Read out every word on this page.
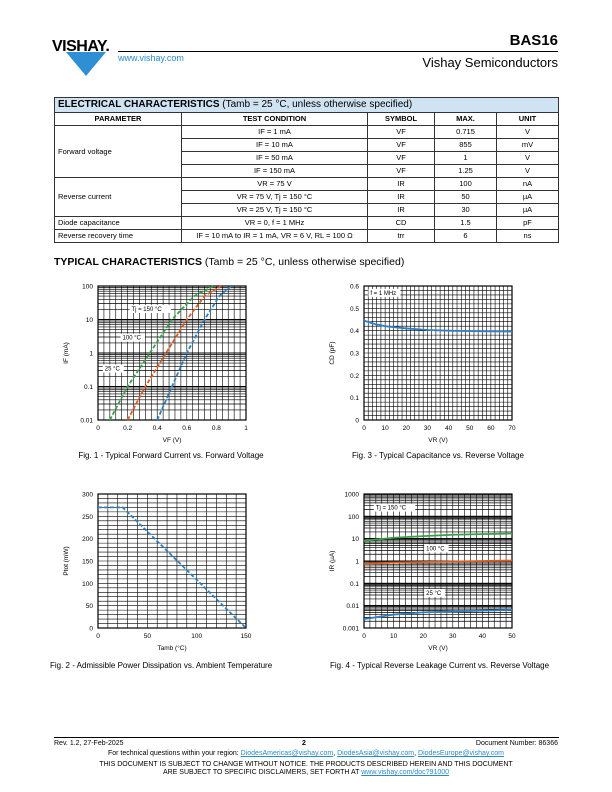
VISHAY.
www.vishay.com
BAS16
Vishay Semiconductors
ELECTRICAL CHARACTERISTICS (Tamb = 25 °C, unless otherwise specified)				
PARAMETER	TEST CONDITION	SYMBOL	MAX.	UNIT
Forward voltage	IF = 1 mA	VF	0.715	V
	IF = 10 mA	VF	855	mV
	IF = 50 mA	VF	1	V
	IF = 150 mA	VF	1.25	V
Reverse current	VR = 75 V	IR	100	nA
	VR = 75 V, Tj = 150 °C	IR	50	µA
	VR = 25 V, Tj = 150 °C	IR	30	µA
Diode capacitance	VR = 0, f = 1 MHz	CD	1.5	pF
Reverse recovery time	IF = 10 mA to IR = 1 mA, VR = 6 V, RL = 100 Ω	trr	6	ns
TYPICAL CHARACTERISTICS (Tamb = 25 °C, unless otherwise specified)
0	0.2	0.4	0.6	0.8	1
0.01
0.1
1
10
100
VF (V)
IF (mA)
Tj = 150 °C
100 °C
25 °C
Fig. 1 - Typical Forward Current vs. Forward Voltage
0	50	100	150
0
50
100
150
200
250
300
Tamb (°C)
Ptot (mW)
Fig. 2 - Admissible Power Dissipation vs. Ambient Temperature
0 10 20 30 40 50 60 70
0
0.1
0.2
0.3
0.4
0.5
0.6
VR (V)
CD (pF)
f = 1 MHz
Fig. 3 - Typical Capacitance vs. Reverse Voltage
0	10	20	30	40	50
0.001
0.01
0.1
1
10
100
1000
VR (V)
IR (µA)
Tj = 150 °C
100 °C
25 °C
Fig. 4 - Typical Reverse Leakage Current vs. Reverse Voltage
Rev. 1.2, 27-Feb-2025	2	Document Number: 86366
For technical questions within your region: DiodesAmericas@vishay.com, DiodesAsia@vishay.com, DiodesEurope@vishay.com
THIS DOCUMENT IS SUBJECT TO CHANGE WITHOUT NOTICE. THE PRODUCTS DESCRIBED HEREIN AND THIS DOCUMENT
ARE SUBJECT TO SPECIFIC DISCLAIMERS, SET FORTH AT www.vishay.com/doc?91000
